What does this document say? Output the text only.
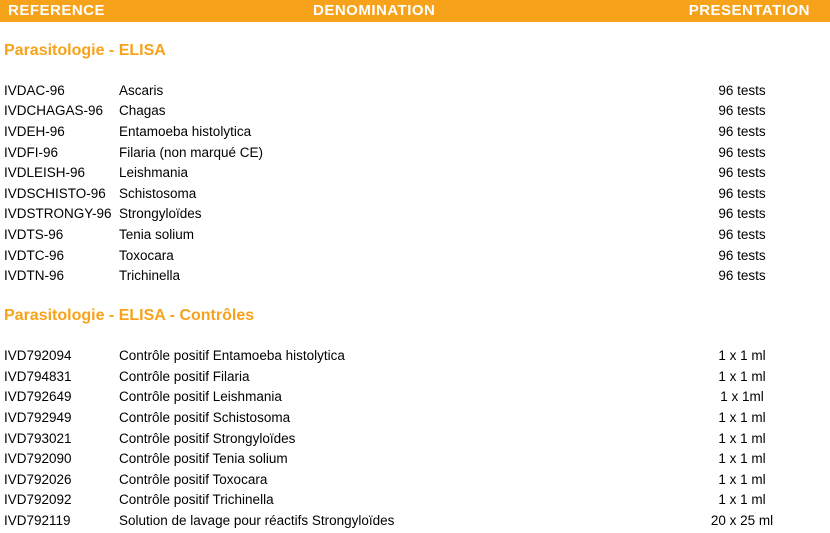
REFERENCE	DENOMINATION	PRESENTATION
Parasitologie - ELISA
IVDAC-96	Ascaris	96 tests
IVDCHAGAS-96 Chagas	96 tests
IVDEH-96	Entamoeba histolytica	96 tests
IVDFI-96	Filaria (non marqué CE)	96 tests
IVDLEISH-96	Leishmania	96 tests
IVDSCHISTO-96 Schistosoma	96 tests
IVDSTRONGY-96 Strongyloïdes	96 tests
IVDTS-96	Tenia solium	96 tests
IVDTC-96	Toxocara	96 tests
IVDTN-96	Trichinella	96 tests
Parasitologie - ELISA - Contrôles
IVD792094	Contrôle positif Entamoeba histolytica	1 x 1 ml
IVD794831	Contrôle positif Filaria	1 x 1 ml
IVD792649	Contrôle positif Leishmania	1 x 1ml
IVD792949	Contrôle positif Schistosoma	1 x 1 ml
IVD793021	Contrôle positif Strongyloïdes	1 x 1 ml
IVD792090	Contrôle positif Tenia solium	1 x 1 ml
IVD792026	Contrôle positif Toxocara	1 x 1 ml
IVD792092	Contrôle positif Trichinella	1 x 1 ml
IVD792119	Solution de lavage pour réactifs Strongyloïdes	20 x 25 ml
